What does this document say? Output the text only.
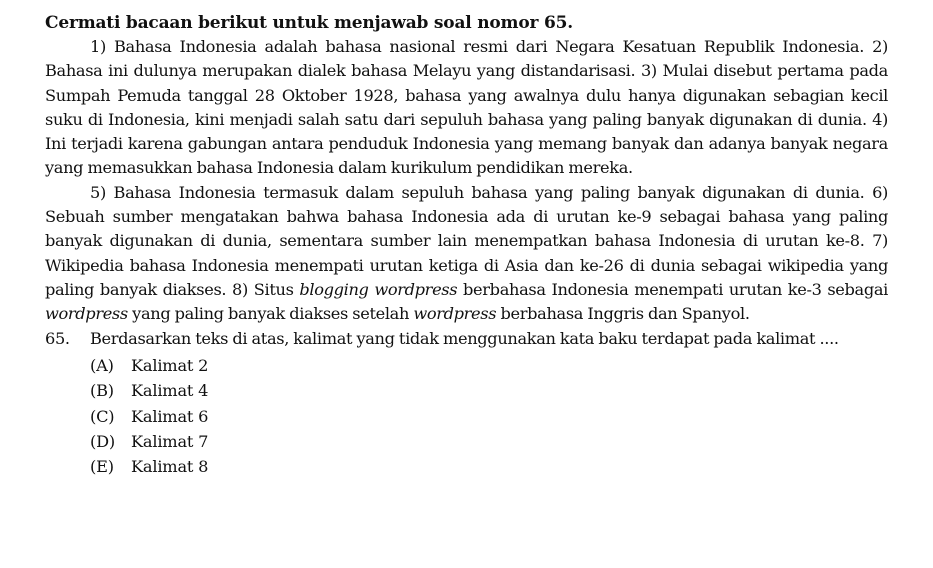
Cermati bacaan berikut untuk menjawab soal nomor 65.

1) Bahasa Indonesia adalah bahasa nasional resmi dari Negara Kesatuan Republik Indonesia. 2) Bahasa ini dulunya merupakan dialek bahasa Melayu yang distandarisasi. 3) Mulai disebut pertama pada Sumpah Pemuda tanggal 28 Oktober 1928, bahasa yang awalnya dulu hanya digunakan sebagian kecil suku di Indonesia, kini menjadi salah satu dari sepuluh bahasa yang paling banyak digunakan di dunia. 4) Ini terjadi karena gabungan antara penduduk Indonesia yang memang banyak dan adanya banyak negara yang memasukkan bahasa Indonesia dalam kurikulum pendidikan mereka.

5) Bahasa Indonesia termasuk dalam sepuluh bahasa yang paling banyak digunakan di dunia. 6) Sebuah sumber mengatakan bahwa bahasa Indonesia ada di urutan ke-9 sebagai bahasa yang paling banyak digunakan di dunia, sementara sumber lain menempatkan bahasa Indonesia di urutan ke-8. 7) Wikipedia bahasa Indonesia menempati urutan ketiga di Asia dan ke-26 di dunia sebagai wikipedia yang paling banyak diakses. 8) Situs blogging wordpress berbahasa Indonesia menempati urutan ke-3 sebagai wordpress yang paling banyak diakses setelah wordpress berbahasa Inggris dan Spanyol.

65.	Berdasarkan teks di atas, kalimat yang tidak menggunakan kata baku terdapat pada kalimat ....
(A)	Kalimat 2
(B)	Kalimat 4
(C)	Kalimat 6
(D) Kalimat 7
(E)	Kalimat 8
